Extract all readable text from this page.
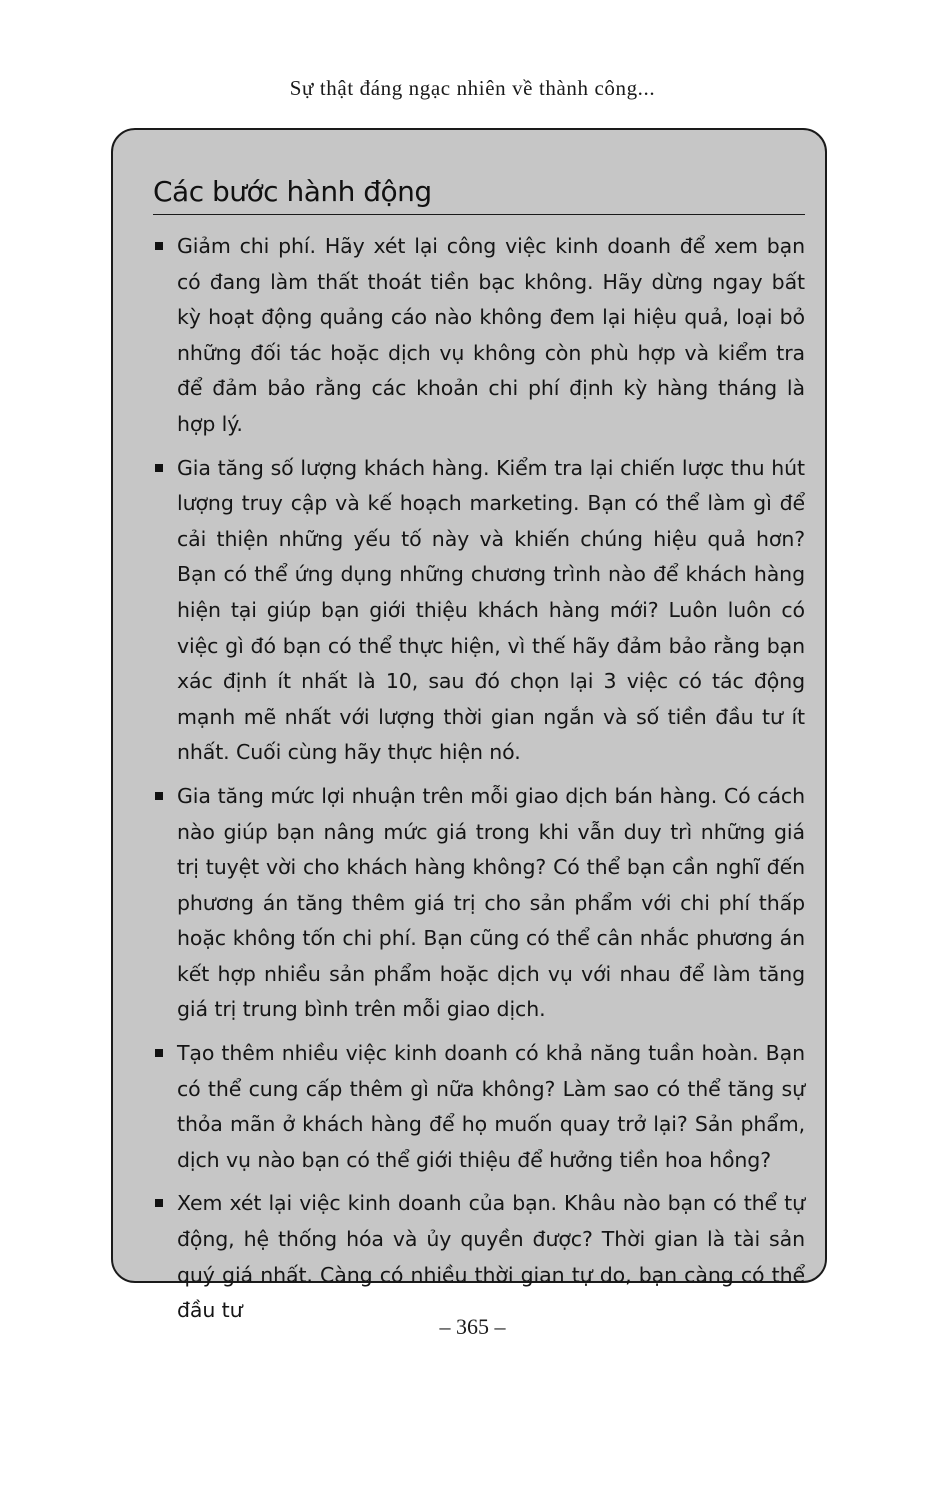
Sự thật đáng ngạc nhiên về thành công...
Các bước hành động
Giảm chi phí. Hãy xét lại công việc kinh doanh để xem bạn có đang làm thất thoát tiền bạc không. Hãy dừng ngay bất kỳ hoạt động quảng cáo nào không đem lại hiệu quả, loại bỏ những đối tác hoặc dịch vụ không còn phù hợp và kiểm tra để đảm bảo rằng các khoản chi phí định kỳ hàng tháng là hợp lý.
Gia tăng số lượng khách hàng. Kiểm tra lại chiến lược thu hút lượng truy cập và kế hoạch marketing. Bạn có thể làm gì để cải thiện những yếu tố này và khiến chúng hiệu quả hơn? Bạn có thể ứng dụng những chương trình nào để khách hàng hiện tại giúp bạn giới thiệu khách hàng mới? Luôn luôn có việc gì đó bạn có thể thực hiện, vì thế hãy đảm bảo rằng bạn xác định ít nhất là 10, sau đó chọn lại 3 việc có tác động mạnh mẽ nhất với lượng thời gian ngắn và số tiền đầu tư ít nhất. Cuối cùng hãy thực hiện nó.
Gia tăng mức lợi nhuận trên mỗi giao dịch bán hàng. Có cách nào giúp bạn nâng mức giá trong khi vẫn duy trì những giá trị tuyệt vời cho khách hàng không? Có thể bạn cần nghĩ đến phương án tăng thêm giá trị cho sản phẩm với chi phí thấp hoặc không tốn chi phí. Bạn cũng có thể cân nhắc phương án kết hợp nhiều sản phẩm hoặc dịch vụ với nhau để làm tăng giá trị trung bình trên mỗi giao dịch.
Tạo thêm nhiều việc kinh doanh có khả năng tuần hoàn. Bạn có thể cung cấp thêm gì nữa không? Làm sao có thể tăng sự thỏa mãn ở khách hàng để họ muốn quay trở lại? Sản phẩm, dịch vụ nào bạn có thể giới thiệu để hưởng tiền hoa hồng?
Xem xét lại việc kinh doanh của bạn. Khâu nào bạn có thể tự động, hệ thống hóa và ủy quyền được? Thời gian là tài sản quý giá nhất. Càng có nhiều thời gian tự do, bạn càng có thể đầu tư
– 365 –
